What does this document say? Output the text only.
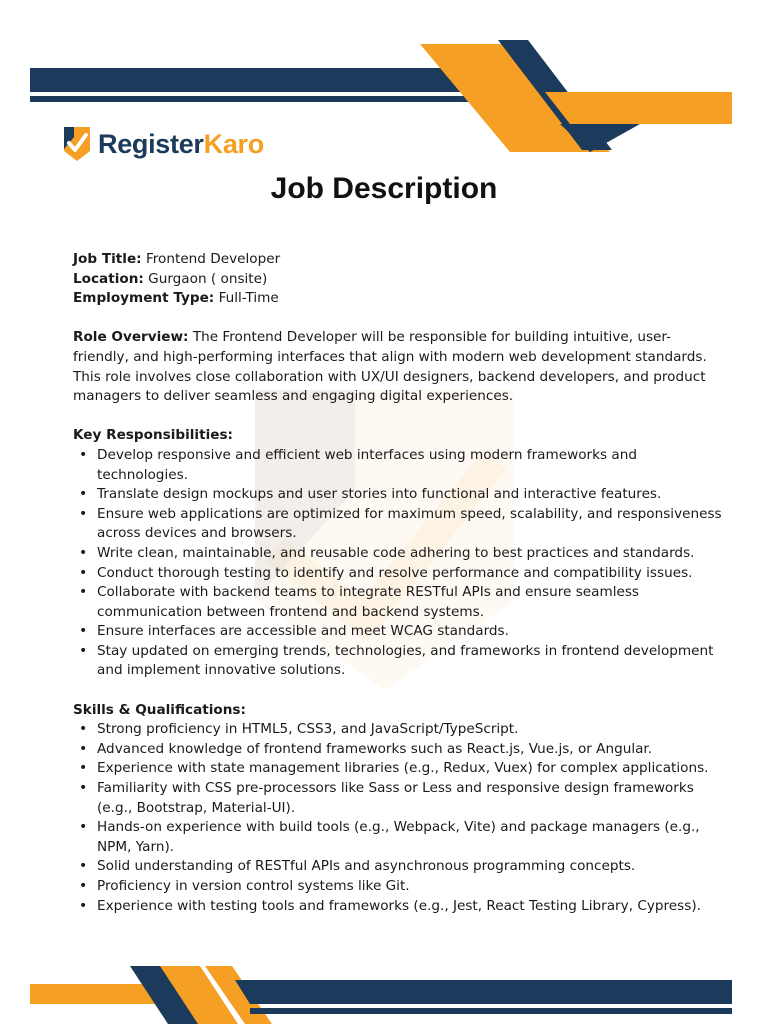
RegisterKaro
Job Description

Job Title: Frontend Developer

Location: Gurgaon ( onsite)

Employment Type: Full-Time

Role Overview: The Frontend Developer will be responsible for building intuitive, user-friendly, and high-performing interfaces that align with modern web development standards. This role involves close collaboration with UX/UI designers, backend developers, and product managers to deliver seamless and engaging digital experiences.

Key Responsibilities:

• Develop responsive and efficient web interfaces using modern frameworks and technologies.
• Translate design mockups and user stories into functional and interactive features.
• Ensure web applications are optimized for maximum speed, scalability, and responsiveness across devices and browsers.
• Write clean, maintainable, and reusable code adhering to best practices and standards.
• Conduct thorough testing to identify and resolve performance and compatibility issues.
• Collaborate with backend teams to integrate RESTful APIs and ensure seamless communication between frontend and backend systems.
• Ensure interfaces are accessible and meet WCAG standards.
• Stay updated on emerging trends, technologies, and frameworks in frontend development and implement innovative solutions.

Skills & Qualifications:

• Strong proficiency in HTML5, CSS3, and JavaScript/TypeScript.
• Advanced knowledge of frontend frameworks such as React.js, Vue.js, or Angular.
• Experience with state management libraries (e.g., Redux, Vuex) for complex applications.
• Familiarity with CSS pre-processors like Sass or Less and responsive design frameworks (e.g., Bootstrap, Material-UI).
• Hands-on experience with build tools (e.g., Webpack, Vite) and package managers (e.g., NPM, Yarn).
• Solid understanding of RESTful APIs and asynchronous programming concepts.
• Proficiency in version control systems like Git.
• Experience with testing tools and frameworks (e.g., Jest, React Testing Library, Cypress).
